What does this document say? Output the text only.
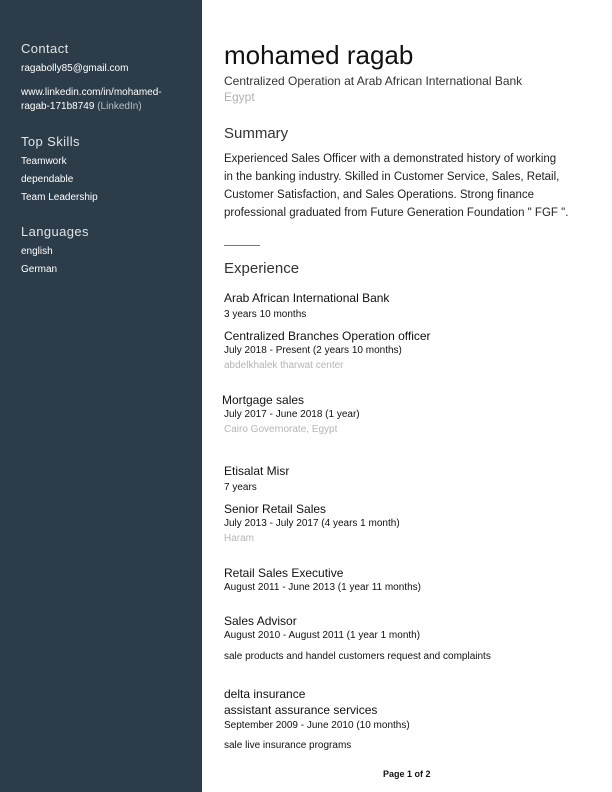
Contact
ragabolly85@gmail.com
www.linkedin.com/in/mohamed-
ragab-171b8749 (LinkedIn)
Top Skills
Teamwork
dependable
Team Leadership
Languages
english
German
mohamed ragab
Centralized Operation at Arab African International Bank
Egypt
Summary
Experienced Sales Officer with a demonstrated history of working
in the banking industry. Skilled in Customer Service, Sales, Retail,
Customer Satisfaction, and Sales Operations. Strong finance
professional graduated from Future Generation Foundation " FGF ".
Experience
Arab African International Bank
3 years 10 months
Centralized Branches Operation officer
July 2018 - Present (2 years 10 months)
abdelkhalek tharwat center
Mortgage sales
July 2017 - June 2018 (1 year)
Cairo Governorate, Egypt
Etisalat Misr
7 years
Senior Retail Sales
July 2013 - July 2017 (4 years 1 month)
Haram
Retail Sales Executive
August 2011 - June 2013 (1 year 11 months)
Sales Advisor
August 2010 - August 2011 (1 year 1 month)
sale products and handel customers request and complaints
delta insurance
assistant assurance services
September 2009 - June 2010 (10 months)
sale live insurance programs
Page 1 of 2
